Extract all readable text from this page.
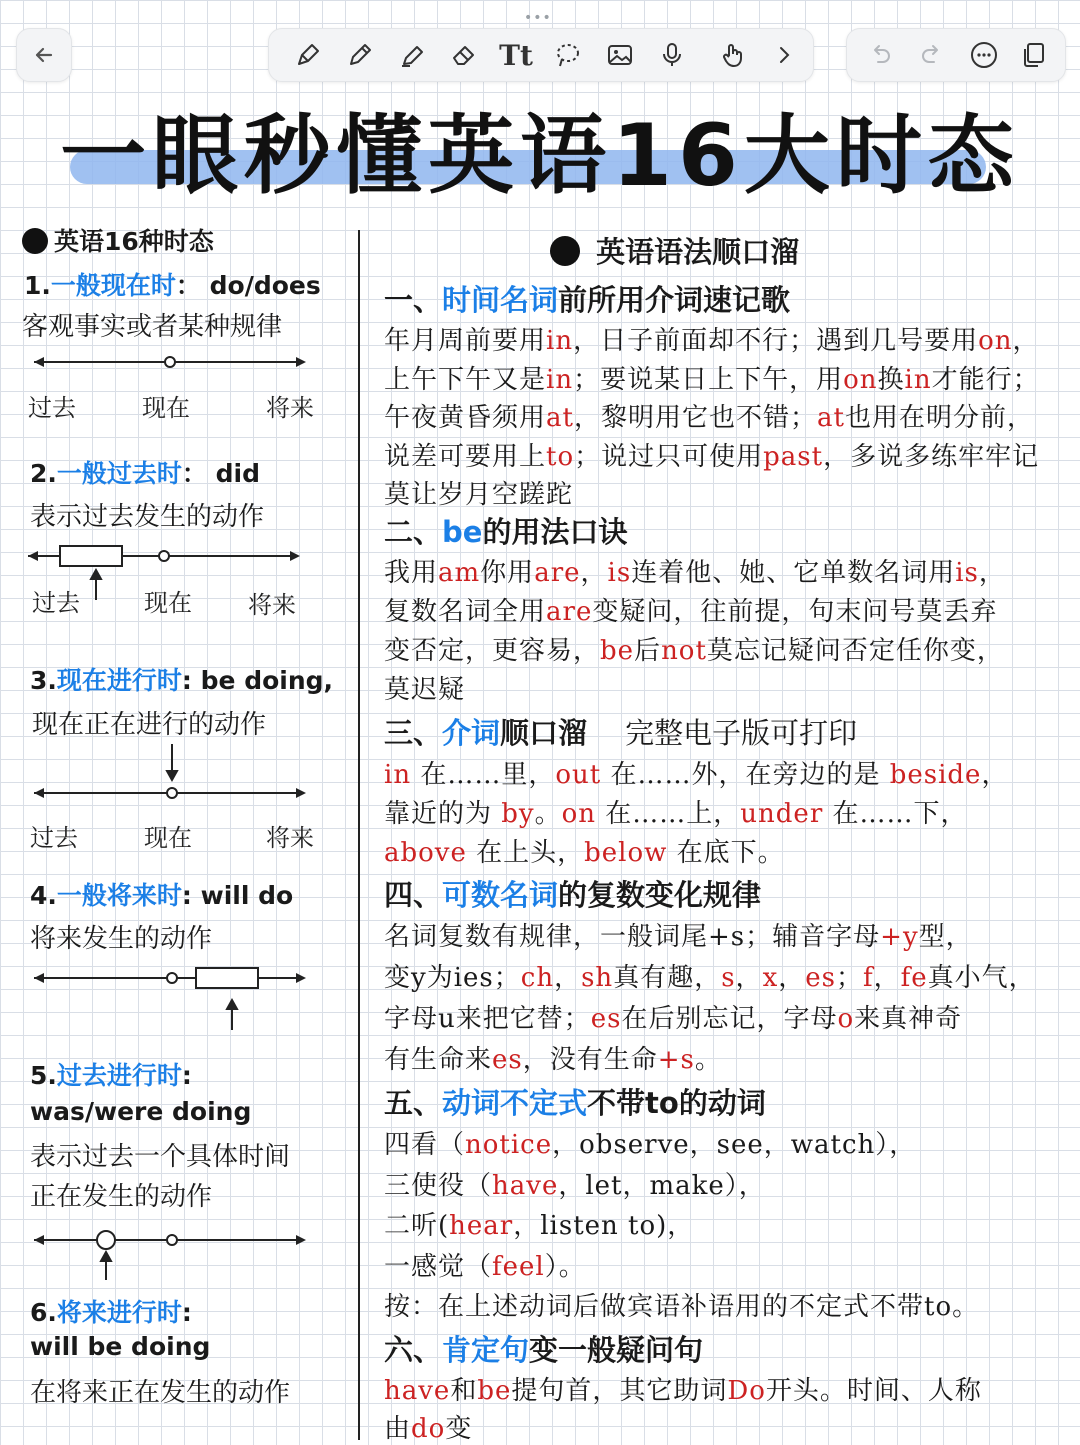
•••
Tt
一眼秒懂英语16大时态
英语16种时态
1.一般现在时： do/does
客观事实或者某种规律
过去	现在	将来
2.一般过去时： did
表示过去发生的动作
过去	现在 将来
3.现在进行时: be doing,
现在正在进行的动作
过去	现在	将来
4.一般将来时: will do
将来发生的动作
5.过去进行时:
was/were doing
表示过去一个具体时间
正在发生的动作
6.将来进行时:
will be doing
在将来正在发生的动作
英语语法顺口溜
一、时间名词前所用介词速记歌
年月周前要用in，日子前面却不行；遇到几号要用on，
上午下午又是in；要说某日上下午，用on换in才能行；
午夜黄昏须用at，黎明用它也不错；at也用在明分前，
说差可要用上to；说过只可使用past，多说多练牢牢记
莫让岁月空蹉跎
二、be的用法口诀
我用am你用are，is连着他、她、它单数名词用is，
复数名词全用are变疑问，往前提，句末问号莫丢弃
变否定，更容易，be后not莫忘记疑问否定任你变，
莫迟疑
三、介词顺口溜 完整电子版可打印
in 在……里，out 在……外，在旁边的是 beside，
靠近的为 by。on 在……上，under 在……下，
above 在上头，below 在底下。
四、可数名词的复数变化规律
名词复数有规律，一般词尾+s；辅音字母+y型，
变y为ies；ch，sh真有趣，s，x，es；f，fe真小气，
字母u来把它替；es在后别忘记，字母o来真神奇
有生命来es，没有生命+s。
五、动词不定式不带to的动词
四看（notice，observe，see，watch），
三使役（have，let，make），
二听(hear，listen to)，
一感觉（feel）。
按：在上述动词后做宾语补语用的不定式不带to。
六、肯定句变一般疑问句
have和be提句首，其它助词Do开头。时间、人称
由do变
